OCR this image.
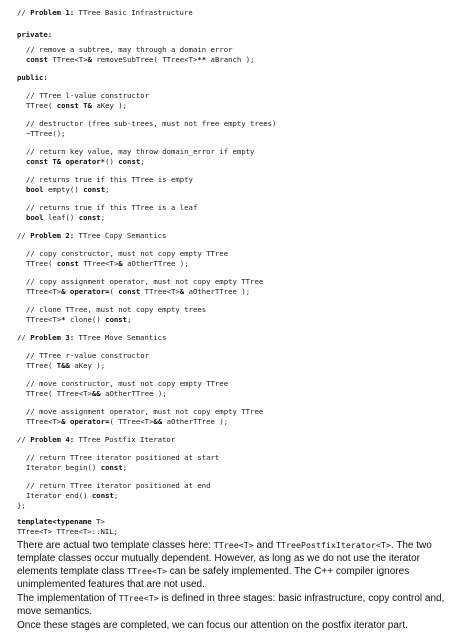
// Problem 1: TTree Basic Infrastructure
private:
// remove a subtree, may through a domain error
const TTree<T>& removeSubTree( TTree<T>** aBranch );
public:
// TTree l-value constructor
TTree( const T& aKey );
// destructor (free sub-trees, must not free empty trees)
~TTree();
// return key value, may throw domain_error if empty
const T& operator*() const;
// returns true if this TTree is empty
bool empty() const;
// returns true if this TTree is a leaf
bool leaf() const;
// Problem 2: TTree Copy Semantics
// copy constructor, must not copy empty TTree
TTree( const TTree<T>& aOtherTTree );
// copy assignment operator, must not copy empty TTree
TTree<T>& operator=( const TTree<T>& aOtherTTree );
// clone TTree, must not copy empty trees
TTree<T>* clone() const;
// Problem 3: TTree Move Semantics
// TTree r-value constructor
TTree( T&& aKey );
// move constructor, must not copy empty TTree
TTree( TTree<T>&& aOtherTTree );
// move assignment operator, must not copy empty TTree
TTree<T>& operator=( TTree<T>&& aOtherTTree );
// Problem 4: TTree Postfix Iterator
// return TTree iterator positioned at start
Iterator begin() const;
// return TTree iterator positioned at end
Iterator end() const;
};
template<typename T>
TTree<T> TTree<T>::NIL;
There are actual two template classes here: TTree<T> and TTreePostfixIterator<T>. The two template classes occur mutually dependent. However, as long as we do not use the iterator elements template class TTree<T> can be safely implemented. The C++ compiler ignores unimplemented features that are not used.
The implementation of TTree<T> is defined in three stages: basic infrastructure, copy control and, move semantics.
Once these stages are completed, we can focus our attention on the postfix iterator part.
